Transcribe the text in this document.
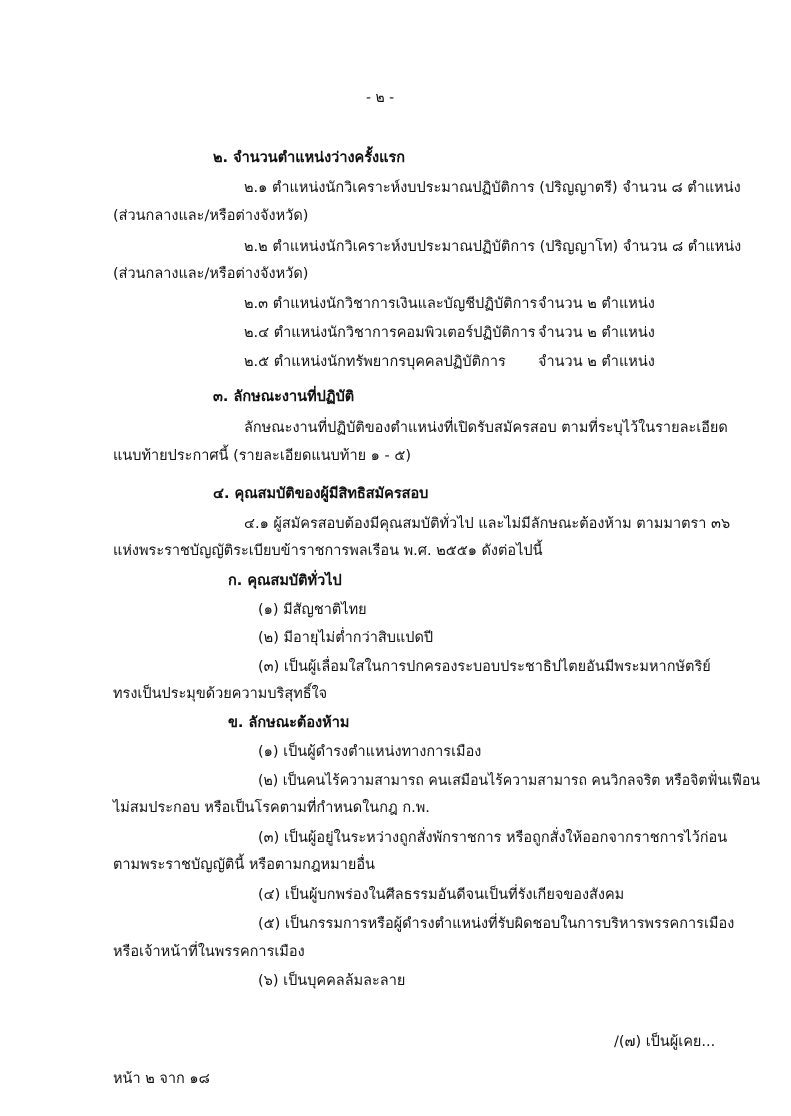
- ๒ -
๒. จำนวนตำแหน่งว่างครั้งแรก
๒.๑ ตำแหน่งนักวิเคราะห์งบประมาณปฏิบัติการ (ปริญญาตรี) จำนวน ๘ ตำแหน่ง
(ส่วนกลางและ/หรือต่างจังหวัด)
๒.๒ ตำแหน่งนักวิเคราะห์งบประมาณปฏิบัติการ (ปริญญาโท) จำนวน ๘ ตำแหน่ง
(ส่วนกลางและ/หรือต่างจังหวัด)
๒.๓ ตำแหน่งนักวิชาการเงินและบัญชีปฏิบัติการ จำนวน ๒ ตำแหน่ง
๒.๔ ตำแหน่งนักวิชาการคอมพิวเตอร์ปฏิบัติการ จำนวน ๒ ตำแหน่ง
๒.๕ ตำแหน่งนักทรัพยากรบุคคลปฏิบัติการ จำนวน ๒ ตำแหน่ง
๓. ลักษณะงานที่ปฏิบัติ
ลักษณะงานที่ปฏิบัติของตำแหน่งที่เปิดรับสมัครสอบ ตามที่ระบุไว้ในรายละเอียด
แนบท้ายประกาศนี้ (รายละเอียดแนบท้าย ๑ - ๕)
๔. คุณสมบัติของผู้มีสิทธิสมัครสอบ
๔.๑ ผู้สมัครสอบต้องมีคุณสมบัติทั่วไป และไม่มีลักษณะต้องห้าม ตามมาตรา ๓๖
แห่งพระราชบัญญัติระเบียบข้าราชการพลเรือน พ.ศ. ๒๕๕๑ ดังต่อไปนี้
ก. คุณสมบัติทั่วไป
(๑) มีสัญชาติไทย
(๒) มีอายุไม่ต่ำกว่าสิบแปดปี
(๓) เป็นผู้เลื่อมใสในการปกครองระบอบประชาธิปไตยอันมีพระมหากษัตริย์
ทรงเป็นประมุขด้วยความบริสุทธิ์ใจ
ข. ลักษณะต้องห้าม
(๑) เป็นผู้ดำรงตำแหน่งทางการเมือง
(๒) เป็นคนไร้ความสามารถ คนเสมือนไร้ความสามารถ คนวิกลจริต หรือจิตฟั่นเฟือน
ไม่สมประกอบ หรือเป็นโรคตามที่กำหนดในกฎ ก.พ.
(๓) เป็นผู้อยู่ในระหว่างถูกสั่งพักราชการ หรือถูกสั่งให้ออกจากราชการไว้ก่อน
ตามพระราชบัญญัตินี้ หรือตามกฎหมายอื่น
(๔) เป็นผู้บกพร่องในศีลธรรมอันดีจนเป็นที่รังเกียจของสังคม
(๕) เป็นกรรมการหรือผู้ดำรงตำแหน่งที่รับผิดชอบในการบริหารพรรคการเมือง
หรือเจ้าหน้าที่ในพรรคการเมือง
(๖) เป็นบุคคลล้มละลาย
/(๗) เป็นผู้เคย...
หน้า ๒ จาก ๑๘
